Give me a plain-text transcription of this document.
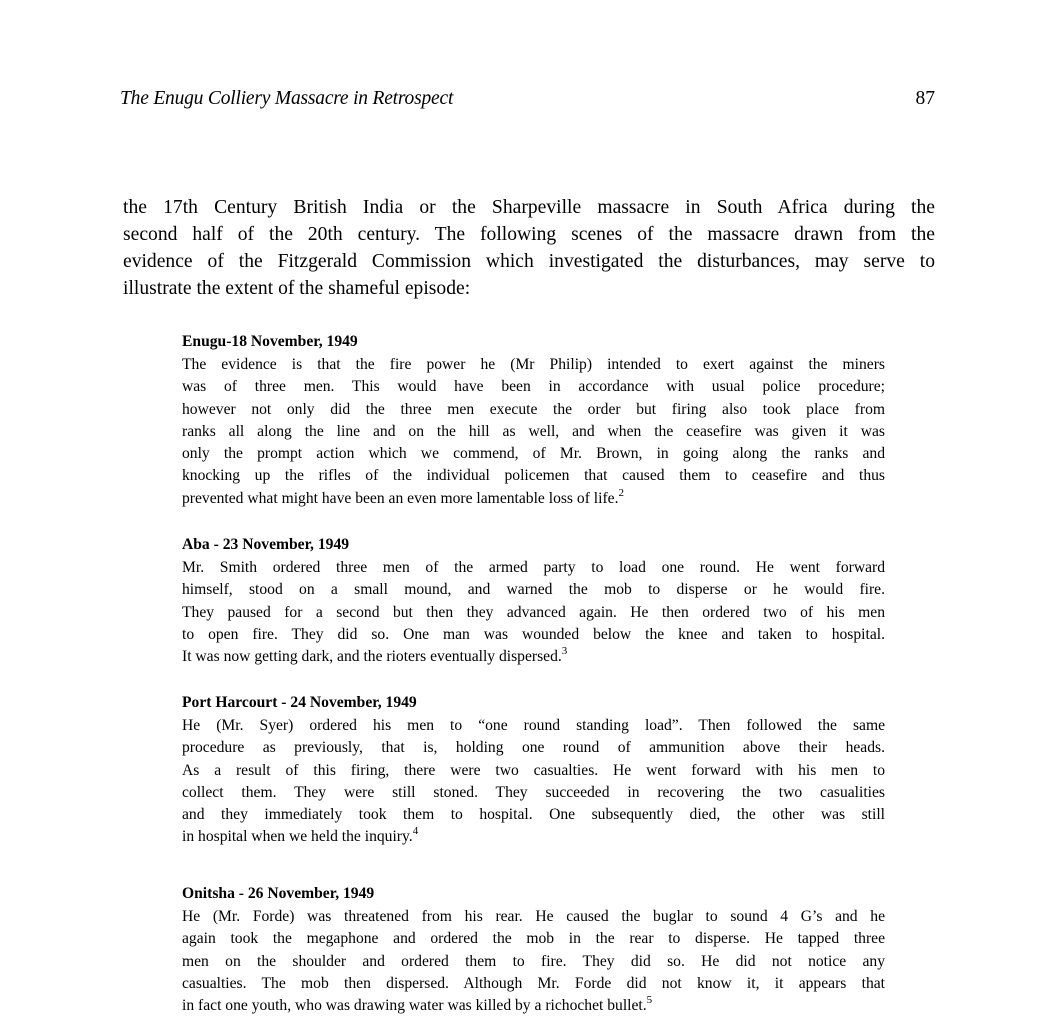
The Enugu Colliery Massacre in Retrospect	87

the 17th Century British India or the Sharpeville massacre in South Africa during the
second half of the 20th century. The following scenes of the massacre drawn from the
evidence of the Fitzgerald Commission which investigated the disturbances, may serve to
illustrate the extent of the shameful episode:

Enugu-18 November, 1949

The evidence is that the fire power he (Mr Philip) intended to exert against the miners
was of three men. This would have been in accordance with usual police procedure;
however not only did the three men execute the order but firing also took place from
ranks all along the line and on the hill as well, and when the ceasefire was given it was
only the prompt action which we commend, of Mr. Brown, in going along the ranks and
knocking up the rifles of the individual policemen that caused them to ceasefire and thus
prevented what might have been an even more lamentable loss of life.$^2$

Aba - 23 November, 1949

Mr. Smith ordered three men of the armed party to load one round. He went forward
himself, stood on a small mound, and warned the mob to disperse or he would fire.
They paused for a second but then they advanced again. He then ordered two of his men
to open fire. They did so. One man was wounded below the knee and taken to hospital.
It was now getting dark, and the rioters eventually dispersed.$^3$

Port Harcourt - 24 November, 1949

He (Mr. Syer) ordered his men to “one round standing load”. Then followed the same
procedure as previously, that is, holding one round of ammunition above their heads.
As a result of this firing, there were two casualties. He went forward with his men to
collect them. They were still stoned. They succeeded in recovering the two casualities
and they immediately took them to hospital. One subsequently died, the other was still
in hospital when we held the inquiry.$^4$

Onitsha - 26 November, 1949

He (Mr. Forde) was threatened from his rear. He caused the buglar to sound 4 G’s and he
again took the megaphone and ordered the mob in the rear to disperse. He tapped three
men on the shoulder and ordered them to fire. They did so. He did not notice any
casualties. The mob then dispersed. Although Mr. Forde did not know it, it appears that
in fact one youth, who was drawing water was killed by a richochet bullet.$^5$
